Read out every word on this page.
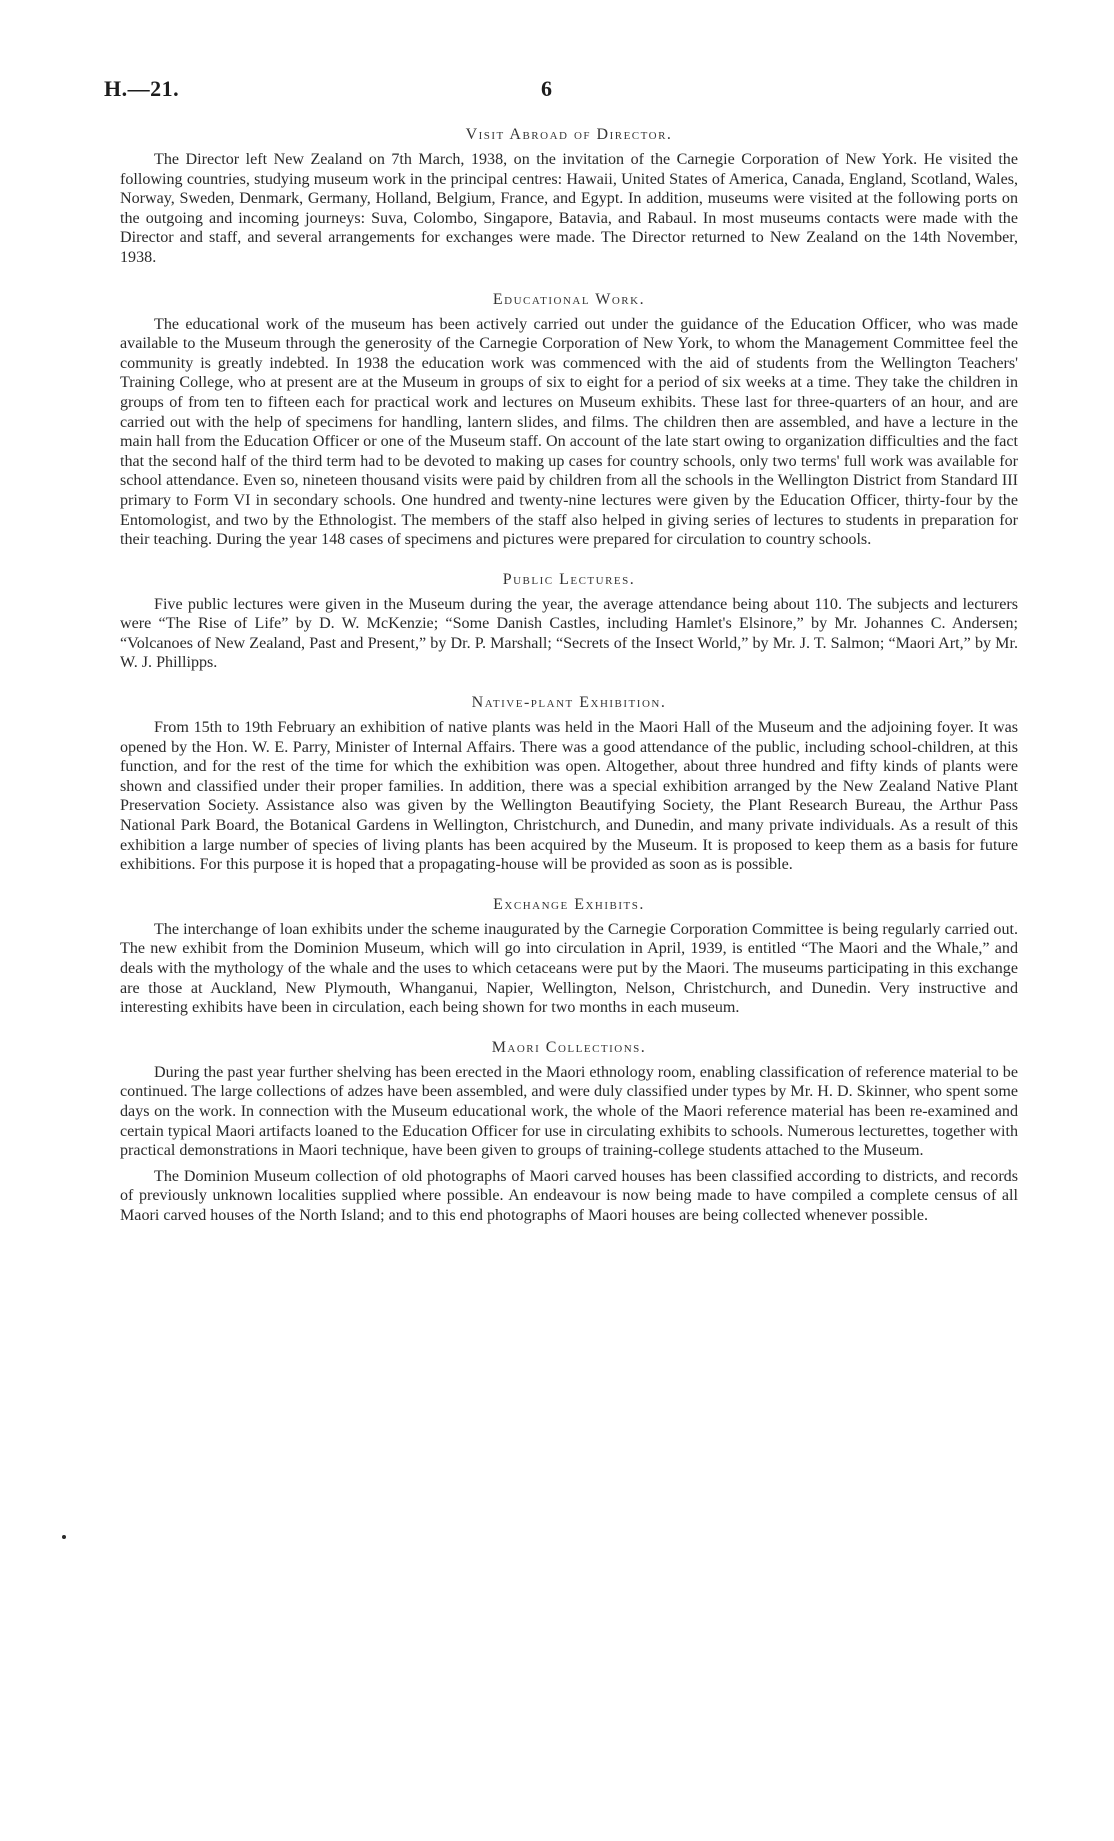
H.—21.	6
Visit Abroad of Director.

The Director left New Zealand on 7th March, 1938, on the invitation of the Carnegie Corporation of New York. He visited the following countries, studying museum work in the principal centres: Hawaii, United States of America, Canada, England, Scotland, Wales, Norway, Sweden, Denmark, Germany, Holland, Belgium, France, and Egypt. In addition, museums were visited at the following ports on the outgoing and incoming journeys: Suva, Colombo, Singapore, Batavia, and Rabaul. In most museums contacts were made with the Director and staff, and several arrangements for exchanges were made. The Director returned to New Zealand on the 14th November, 1938.

Educational Work.

The educational work of the museum has been actively carried out under the guidance of the Education Officer, who was made available to the Museum through the generosity of the Carnegie Corporation of New York, to whom the Management Committee feel the community is greatly indebted. In 1938 the education work was commenced with the aid of students from the Wellington Teachers' Training College, who at present are at the Museum in groups of six to eight for a period of six weeks at a time. They take the children in groups of from ten to fifteen each for practical work and lectures on Museum exhibits. These last for three-quarters of an hour, and are carried out with the help of specimens for handling, lantern slides, and films. The children then are assembled, and have a lecture in the main hall from the Education Officer or one of the Museum staff. On account of the late start owing to organization difficulties and the fact that the second half of the third term had to be devoted to making up cases for country schools, only two terms' full work was available for school attendance. Even so, nineteen thousand visits were paid by children from all the schools in the Wellington District from Standard III primary to Form VI in secondary schools. One hundred and twenty-nine lectures were given by the Education Officer, thirty-four by the Entomologist, and two by the Ethnologist. The members of the staff also helped in giving series of lectures to students in preparation for their teaching. During the year 148 cases of specimens and pictures were prepared for circulation to country schools.

Public Lectures.

Five public lectures were given in the Museum during the year, the average attendance being about 110. The subjects and lecturers were “The Rise of Life” by D. W. McKenzie; “Some Danish Castles, including Hamlet's Elsinore,” by Mr. Johannes C. Andersen; “Volcanoes of New Zealand, Past and Present,” by Dr. P. Marshall; “Secrets of the Insect World,” by Mr. J. T. Salmon; “Maori Art,” by Mr. W. J. Phillipps.

Native-plant Exhibition.

From 15th to 19th February an exhibition of native plants was held in the Maori Hall of the Museum and the adjoining foyer. It was opened by the Hon. W. E. Parry, Minister of Internal Affairs. There was a good attendance of the public, including school-children, at this function, and for the rest of the time for which the exhibition was open. Altogether, about three hundred and fifty kinds of plants were shown and classified under their proper families. In addition, there was a special exhibition arranged by the New Zealand Native Plant Preservation Society. Assistance also was given by the Wellington Beautifying Society, the Plant Research Bureau, the Arthur Pass National Park Board, the Botanical Gardens in Wellington, Christchurch, and Dunedin, and many private individuals. As a result of this exhibition a large number of species of living plants has been acquired by the Museum. It is proposed to keep them as a basis for future exhibitions. For this purpose it is hoped that a propagating-house will be provided as soon as is possible.

Exchange Exhibits.

The interchange of loan exhibits under the scheme inaugurated by the Carnegie Corporation Committee is being regularly carried out. The new exhibit from the Dominion Museum, which will go into circulation in April, 1939, is entitled “The Maori and the Whale,” and deals with the mythology of the whale and the uses to which cetaceans were put by the Maori. The museums participating in this exchange are those at Auckland, New Plymouth, Whanganui, Napier, Wellington, Nelson, Christchurch, and Dunedin. Very instructive and interesting exhibits have been in circulation, each being shown for two months in each museum.

Maori Collections.

During the past year further shelving has been erected in the Maori ethnology room, enabling classification of reference material to be continued. The large collections of adzes have been assembled, and were duly classified under types by Mr. H. D. Skinner, who spent some days on the work. In connection with the Museum educational work, the whole of the Maori reference material has been re-examined and certain typical Maori artifacts loaned to the Education Officer for use in circulating exhibits to schools. Numerous lecturettes, together with practical demonstrations in Maori technique, have been given to groups of training-college students attached to the Museum.

The Dominion Museum collection of old photographs of Maori carved houses has been classified according to districts, and records of previously unknown localities supplied where possible. An endeavour is now being made to have compiled a complete census of all Maori carved houses of the North Island; and to this end photographs of Maori houses are being collected whenever possible.
